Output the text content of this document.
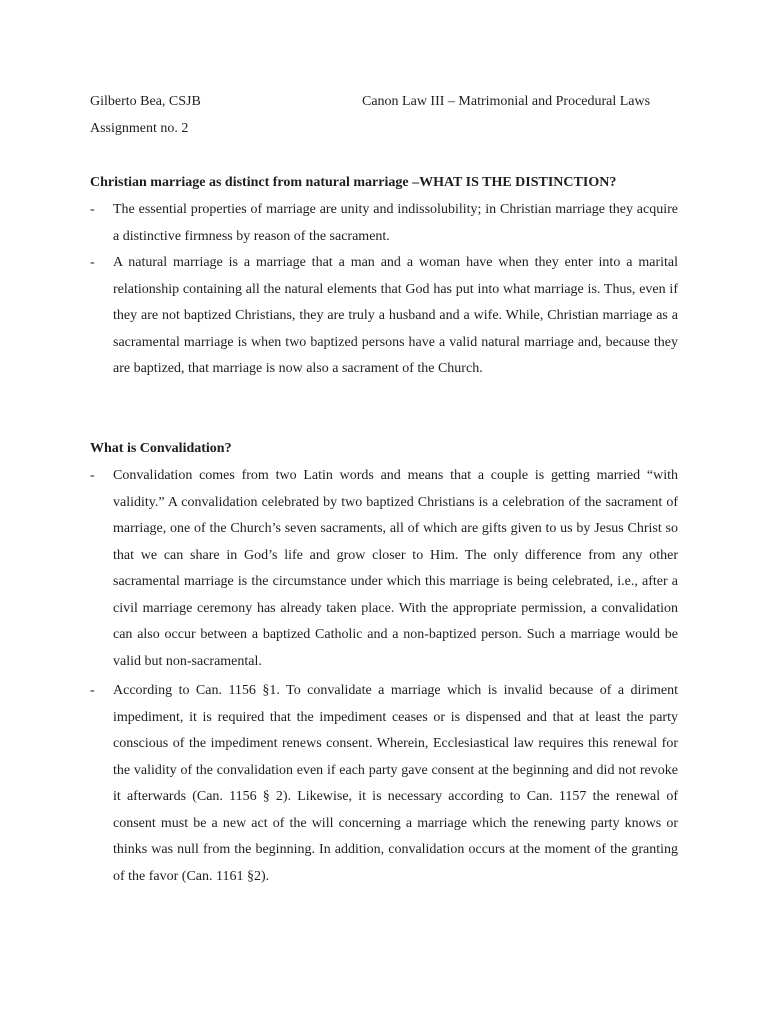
Gilberto Bea, CSJB	Canon Law III – Matrimonial and Procedural Laws
Assignment no. 2
Christian marriage as distinct from natural marriage –WHAT IS THE DISTINCTION?
- The essential properties of marriage are unity and indissolubility; in Christian marriage they acquire a distinctive firmness by reason of the sacrament.
- A natural marriage is a marriage that a man and a woman have when they enter into a marital relationship containing all the natural elements that God has put into what marriage is. Thus, even if they are not baptized Christians, they are truly a husband and a wife. While, Christian marriage as a sacramental marriage is when two baptized persons have a valid natural marriage and, because they are baptized, that marriage is now also a sacrament of the Church.
What is Convalidation?
- Convalidation comes from two Latin words and means that a couple is getting married “with validity.” A convalidation celebrated by two baptized Christians is a celebration of the sacrament of marriage, one of the Church’s seven sacraments, all of which are gifts given to us by Jesus Christ so that we can share in God’s life and grow closer to Him. The only difference from any other sacramental marriage is the circumstance under which this marriage is being celebrated, i.e., after a civil marriage ceremony has already taken place. With the appropriate permission, a convalidation can also occur between a baptized Catholic and a non-baptized person. Such a marriage would be valid but non-sacramental.
- According to Can. 1156 §1. To convalidate a marriage which is invalid because of a diriment impediment, it is required that the impediment ceases or is dispensed and that at least the party conscious of the impediment renews consent. Wherein, Ecclesiastical law requires this renewal for the validity of the convalidation even if each party gave consent at the beginning and did not revoke it afterwards (Can. 1156 § 2). Likewise, it is necessary according to Can. 1157 the renewal of consent must be a new act of the will concerning a marriage which the renewing party knows or thinks was null from the beginning. In addition, convalidation occurs at the moment of the granting of the favor (Can. 1161 §2).
